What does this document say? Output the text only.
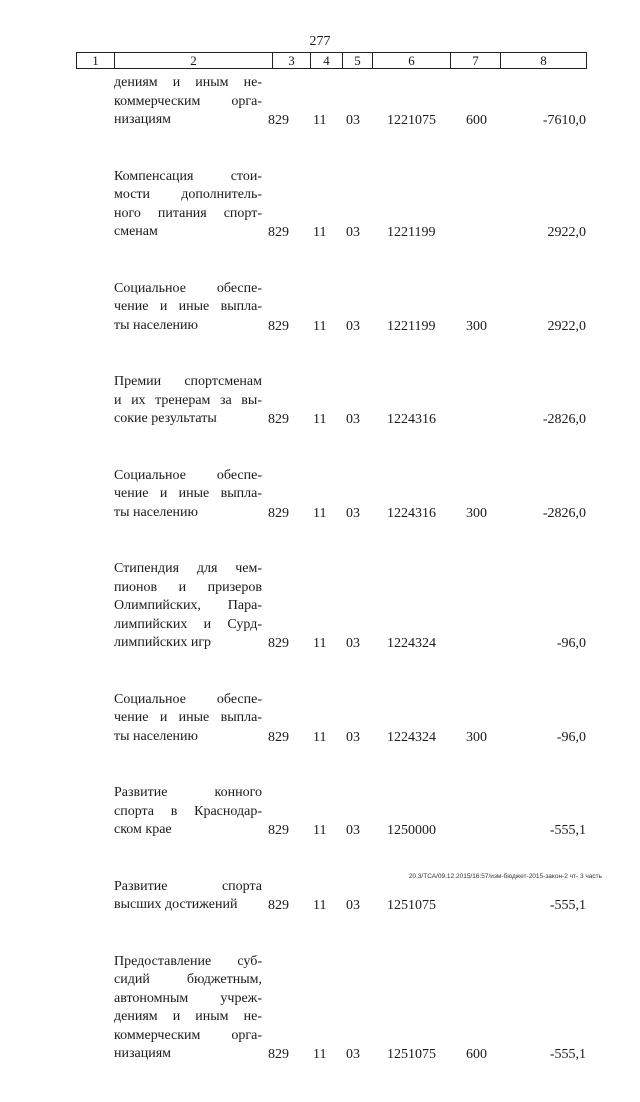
277
1	2	3	4	5	6	7	8
дениям и иным не-
коммерческим орга-
низациям	829 11 03 1221075 600	-7610,0
Компенсация стои-
мости дополнитель-
ного питания спорт-
сменам	829 11 03 1221199	2922,0
Социальное обеспе-
чение и иные выпла-
ты населению	829 11 03 1221199 300	2922,0
Премии спортсменам
и их тренерам за вы-
сокие результаты	829 11 03 1224316	-2826,0
Социальное обеспе-
чение и иные выпла-
ты населению	829 11 03 1224316 300	-2826,0
Стипендия для чем-
пионов и призеров
Олимпийских, Пара-
лимпийских и Сурд-
лимпийских игр	829 11 03 1224324	-96,0
Социальное обеспе-
чение и иные выпла-
ты населению	829 11 03 1224324 300	-96,0
Развитие конного
спорта в Краснодар-
ском крае	829 11 03 1250000	-555,1
Развитие спорта
высших достижений	829 11 03 1251075	-555,1
Предоставление суб-
сидий бюджетным,
автономным учреж-
дениям и иным не-
коммерческим орга-
низациям	829 11 03 1251075 600	-555,1
20.3/ТСА/09.12.2015/16:57/изм-бюджет-2015-закон-2 чт- 3 часть
